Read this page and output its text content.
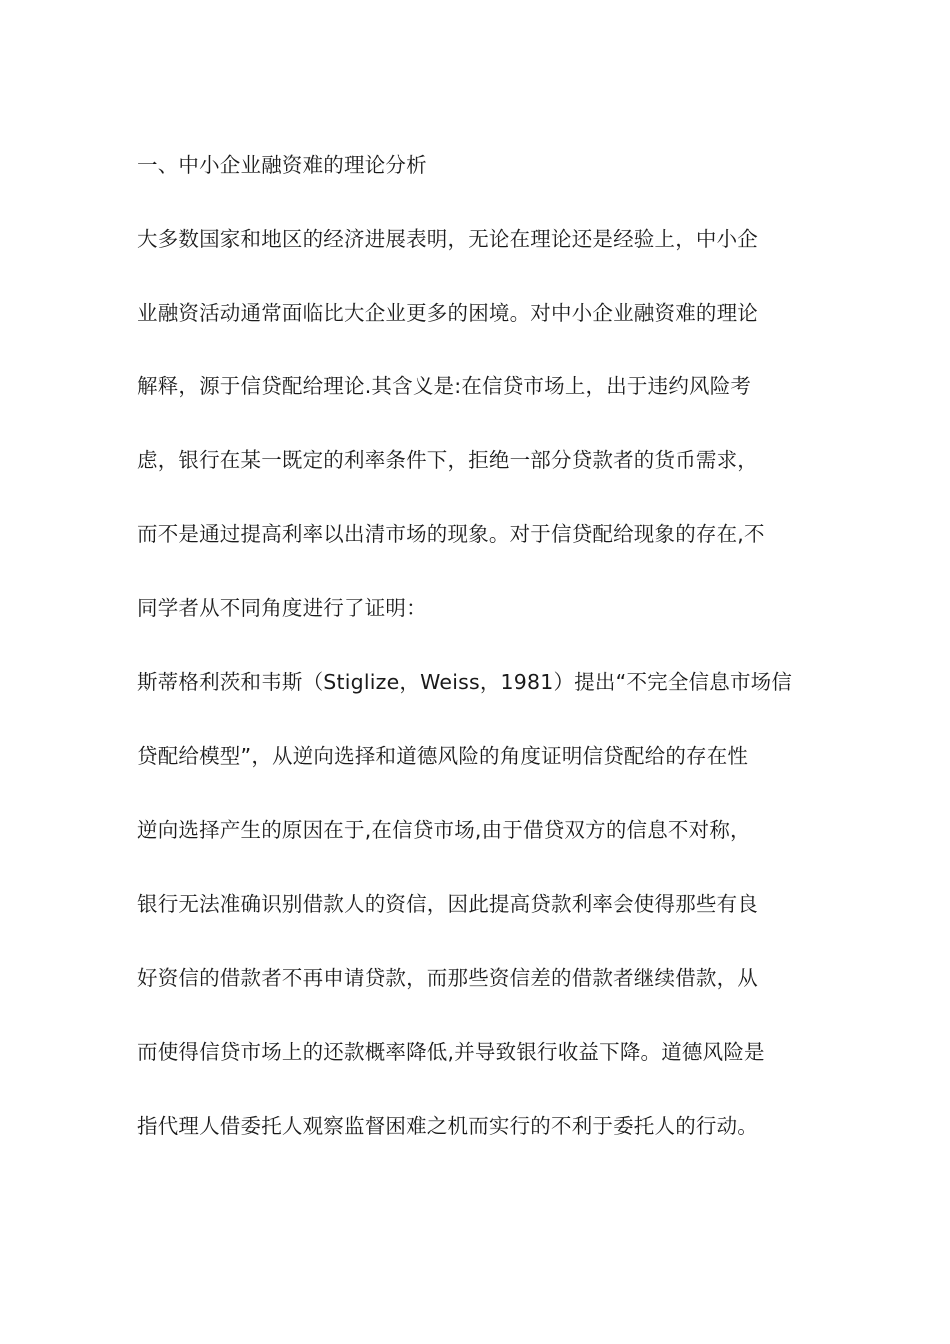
一、中小企业融资难的理论分析
大多数国家和地区的经济进展表明，无论在理论还是经验上，中小企
业融资活动通常面临比大企业更多的困境。对中小企业融资难的理论
解释，源于信贷配给理论.其含义是:在信贷市场上，出于违约风险考
虑，银行在某一既定的利率条件下，拒绝一部分贷款者的货币需求，
而不是通过提高利率以出清市场的现象。对于信贷配给现象的存在,不
同学者从不同角度进行了证明：
斯蒂格利茨和韦斯（Stiglize，Weiss，1981）提出“不完全信息市场信
贷配给模型”，从逆向选择和道德风险的角度证明信贷配给的存在性
逆向选择产生的原因在于,在信贷市场,由于借贷双方的信息不对称，
银行无法准确识别借款人的资信，因此提高贷款利率会使得那些有良
好资信的借款者不再申请贷款，而那些资信差的借款者继续借款，从
而使得信贷市场上的还款概率降低,并导致银行收益下降。道德风险是
指代理人借委托人观察监督困难之机而实行的不利于委托人的行动。
